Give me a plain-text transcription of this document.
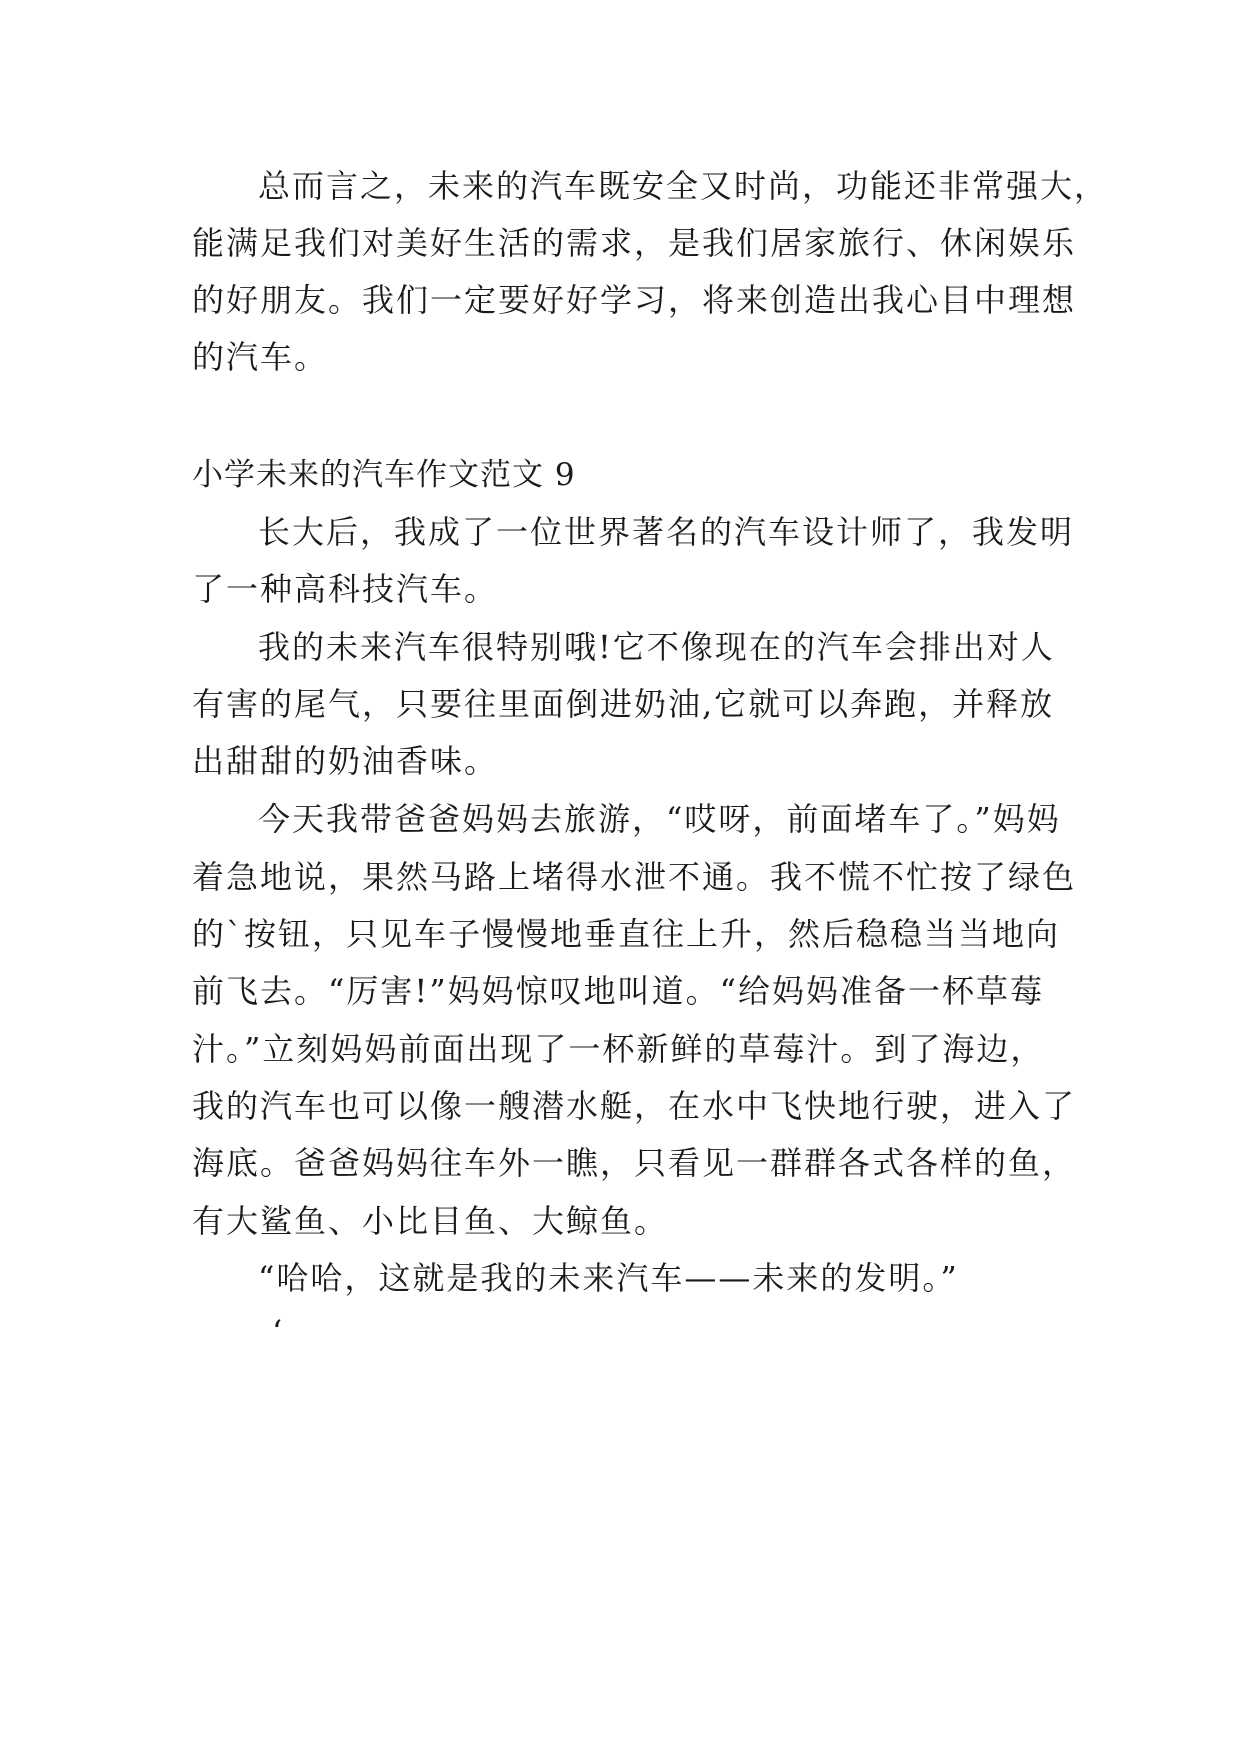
总而言之，未来的汽车既安全又时尚，功能还非常强大，
能满足我们对美好生活的需求，是我们居家旅行、休闲娱乐
的好朋友。我们一定要好好学习，将来创造出我心目中理想
的汽车。
小学未来的汽车作文范文 9
长大后，我成了一位世界著名的汽车设计师了，我发明
了一种高科技汽车。
我的未来汽车很特别哦!它不像现在的汽车会排出对人
有害的尾气，只要往里面倒进奶油,它就可以奔跑，并释放
出甜甜的奶油香味。
今天我带爸爸妈妈去旅游，“哎呀，前面堵车了。”妈妈
着急地说，果然马路上堵得水泄不通。我不慌不忙按了绿色
的`按钮，只见车子慢慢地垂直往上升，然后稳稳当当地向
前飞去。“厉害!”妈妈惊叹地叫道。“给妈妈准备一杯草莓
汁。”立刻妈妈前面出现了一杯新鲜的草莓汁。到了海边，
我的汽车也可以像一艘潜水艇，在水中飞快地行驶，进入了
海底。爸爸妈妈往车外一瞧，只看见一群群各式各样的鱼，
有大鲨鱼、小比目鱼、大鲸鱼。
“哈哈，这就是我的未来汽车——未来的发明。”
‘
